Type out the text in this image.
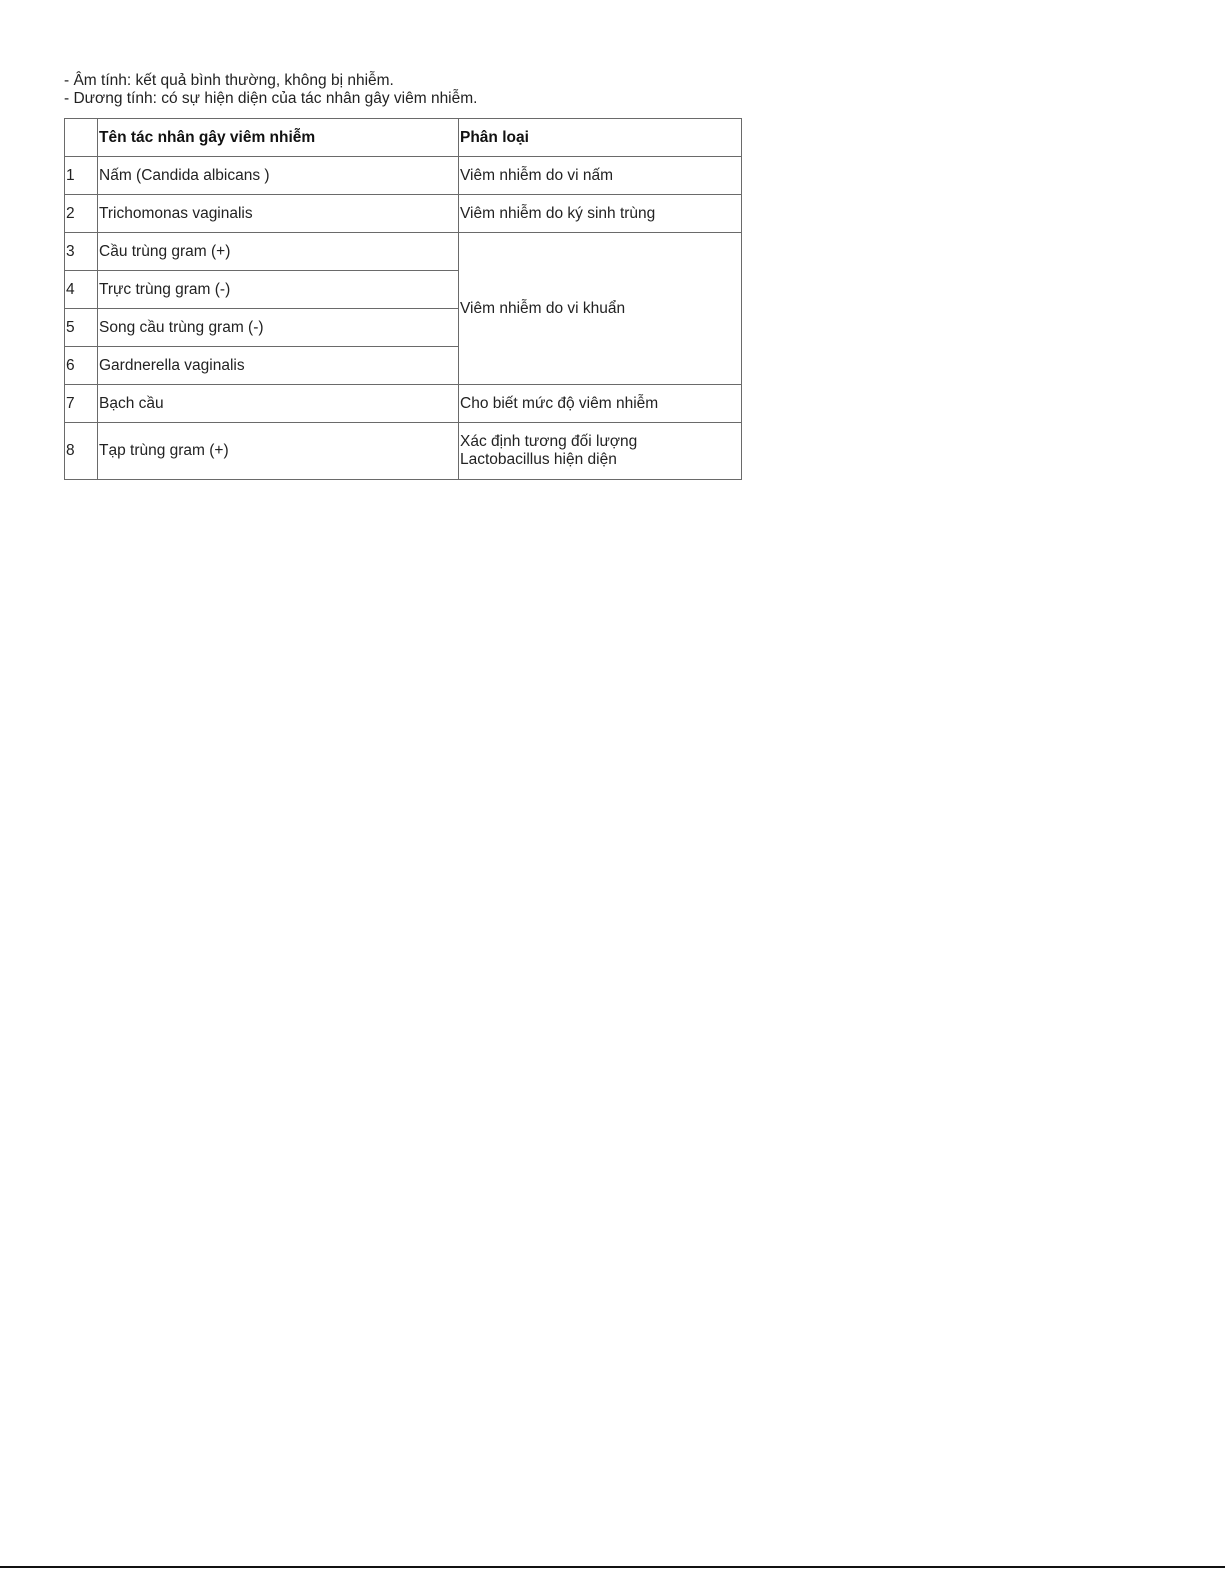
- Âm tính: kết quả bình thường, không bị nhiễm.
- Dương tính: có sự hiện diện của tác nhân gây viêm nhiễm.
	Tên tác nhân gây viêm nhiễm	Phân loại
1	Nấm (Candida albicans )	Viêm nhiễm do vi nấm
2	Trichomonas vaginalis	Viêm nhiễm do ký sinh trùng
3	Cầu trùng gram (+)	Viêm nhiễm do vi khuẩn
4	Trực trùng gram (-)	
5	Song cầu trùng gram (-)	
6	Gardnerella vaginalis	
7	Bạch cầu	Cho biết mức độ viêm nhiễm
8	Tạp trùng gram (+)	Xác định tương đối lượng
Lactobacillus hiện diện
